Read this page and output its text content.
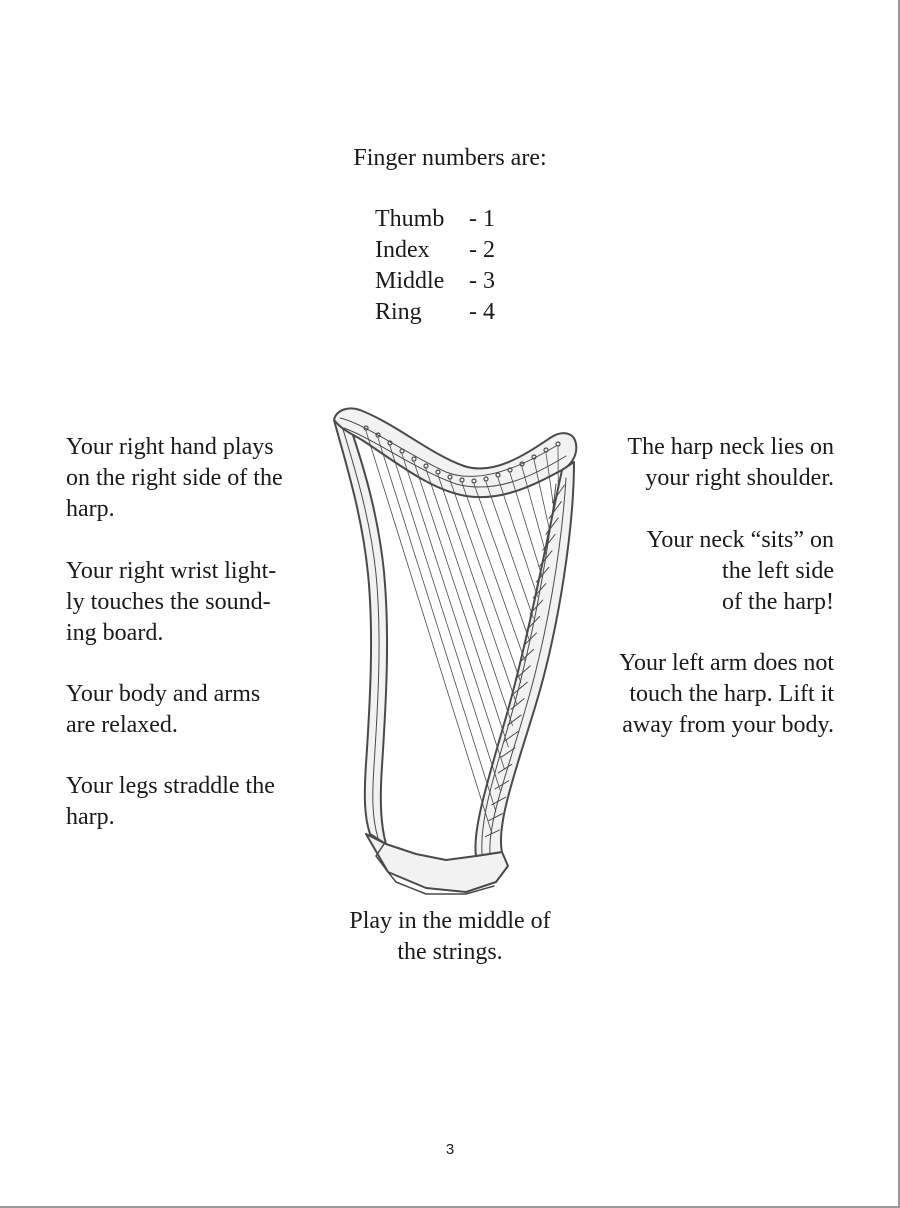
Finger numbers are:
Thumb	- 1
Index	- 2
Middle	- 3
Ring	- 4
Your right hand plays
on the right side of the
harp.
Your right wrist light-
ly touches the sound-
ing board.
Your body and arms
are relaxed.
Your legs straddle the
harp.
The harp neck lies on
your right shoulder.
Your neck “sits” on
the left side
of the harp!
Your left arm does not
touch the harp. Lift it
away from your body.
Play in the middle of
the strings.
3
